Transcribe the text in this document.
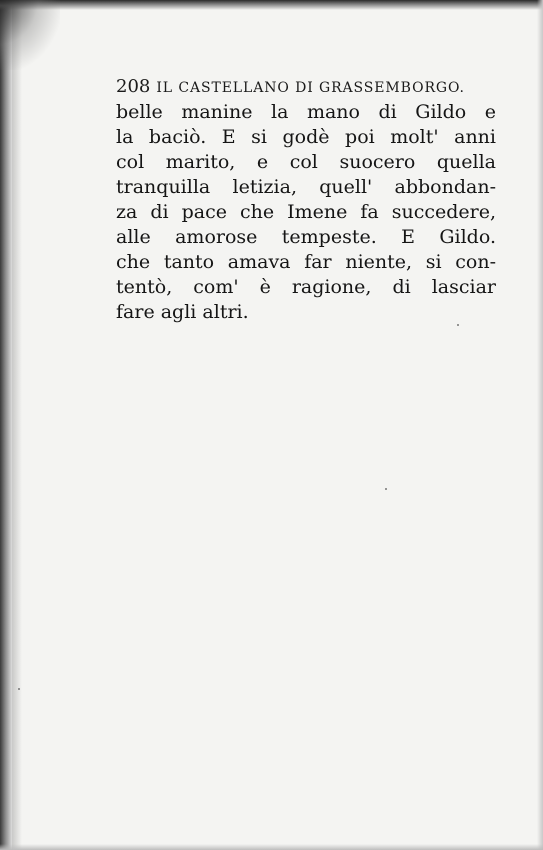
208 IL CASTELLANO DI GRASSEMBORGO.
belle manine la mano di Gildo e
la baciò. E si godè poi molt' anni
col marito, e col suocero quella
tranquilla letizia, quell' abbondan-
za di pace che Imene fa succedere,
alle amorose tempeste. E Gildo.
che tanto amava far niente, si con-
tentò, com' è ragione, di lasciar
fare agli altri.
